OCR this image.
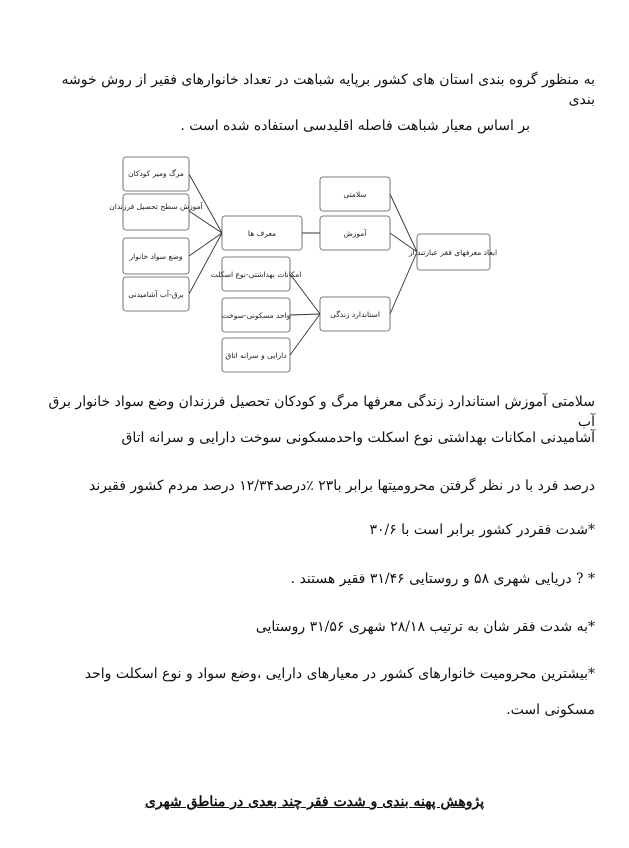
به منظور گروه بندی استان های کشور برپایه شباهت در تعداد خانوارهای فقیر از روش خوشه بندی
بر اساس معیار شباهت فاصله اقلیدسی استفاده شده است .
مرگ ومیر کودکان
آموزش سطح تحصیل فرزندان
وضع سواد خانوار
برق-آب آشامیدنی
امکانات بهداشتی-نوع اسکلت
واحد مسکونی-سوخت
دارایی و سرانه اتاق
معرف ها
سلامتی
آموزش
استاندارد زندگی
ابعاد معرفهای فقر عبارتند از
سلامتی آموزش استاندارد زندگی معرفها مرگ و کودکان تحصیل فرزندان وضع سواد خانوار برق آب
آشامیدنی امکانات بهداشتی نوع اسکلت واحدمسکونی سوخت دارایی و سرانه اتاق
درصد فرد با در نظر گرفتن محرومیتها برابر با۲۳ ٪درصد۱۲/۳۴ درصد مردم کشور فقیرند
*شدت فقردر کشور برابر است با ۳۰/۶
* ? دریایی شهری ۵۸ و روستایی ۳۱/۴۶ فقیر هستند .
*به شدت فقر شان به ترتیب ۲۸/۱۸ شهری ۳۱/۵۶ روستایی
*بیشترین محرومیت خانوارهای کشور در معیارهای دارایی ،وضع سواد و نوع اسکلت واحد
مسکونی است.
پژوهش پهنه بندی و شدت فقر چند بعدی در مناطق شهری
